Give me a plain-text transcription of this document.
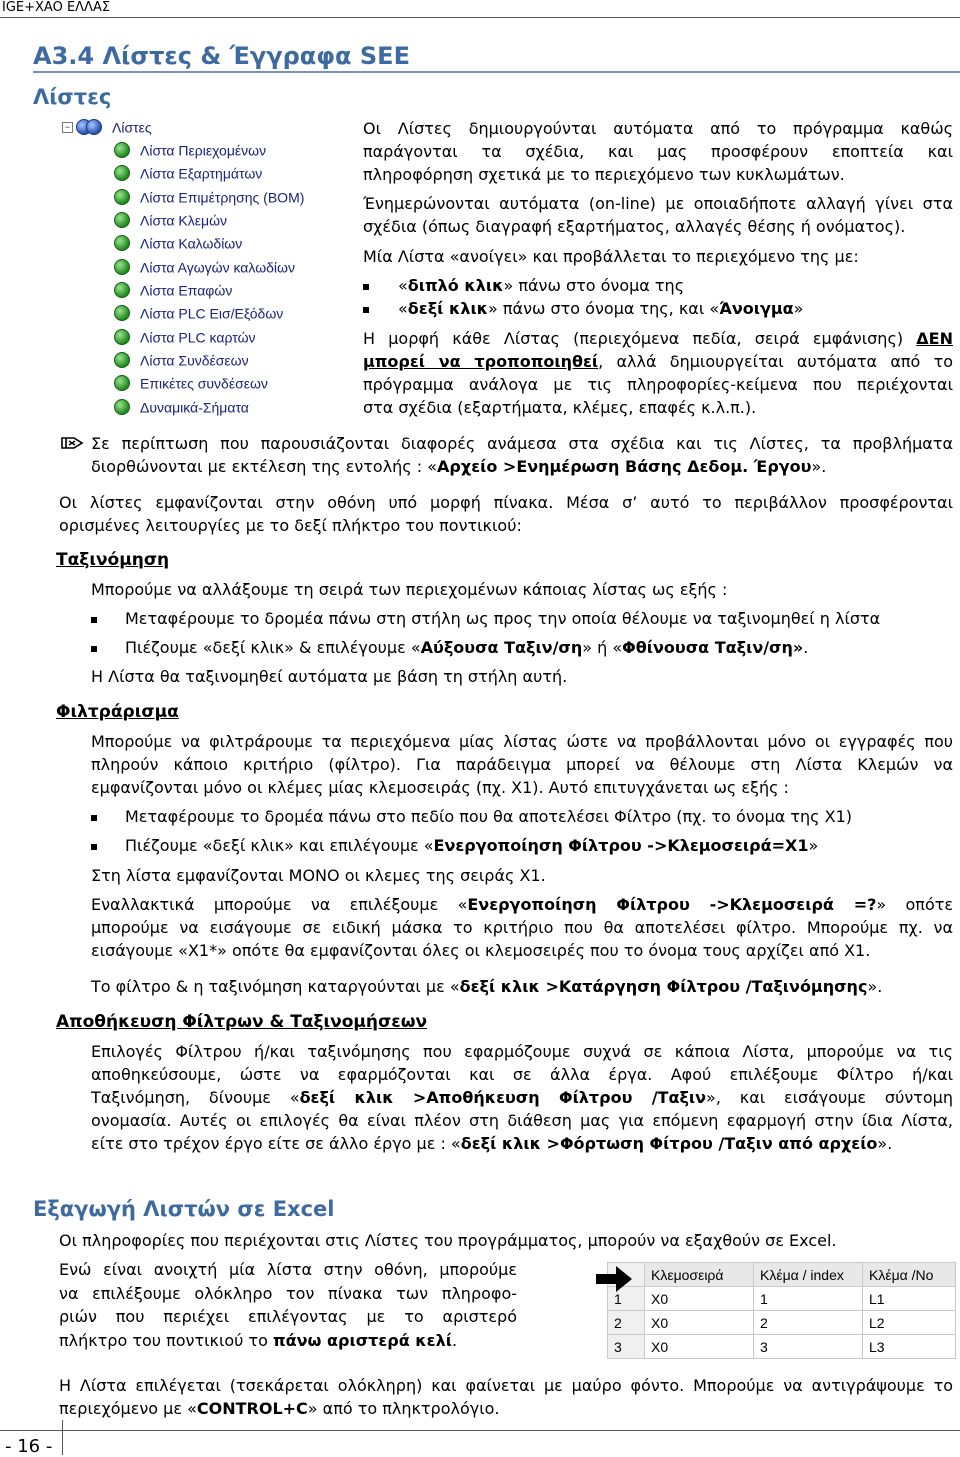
IGE+XAO ΕΛΛΑΣ
Α3.4 Λίστες & Έγγραφα SEE
Λίστες
−	Λίστες
Λίστα Περιεχομένων
Λίστα Εξαρτημάτων
Λίστα Επιμέτρησης (BOM)
Λίστα Κλεμών
Λίστα Καλωδίων
Λίστα Αγωγών καλωδίων
Λίστα Επαφών
Λίστα PLC Εισ/Εξόδων
Λίστα PLC καρτών
Λίστα Συνδέσεων
Επικέτες συνδέσεων
Δυναμικά-Σήματα
Οι Λίστες δημιουργούνται αυτόματα από το πρόγραμμα καθώς
παράγονται τα σχέδια, και μας προσφέρουν εποπτεία και
πληροφόρηση σχετικά με το περιεχόμενο των κυκλωμάτων.
Ένημερώνονται αυτόματα (on-line) με οποιαδήποτε αλλαγή γίνει στα
σχέδια (όπως διαγραφή εξαρτήματος, αλλαγές θέσης ή ονόματος).
Μία Λίστα «ανοίγει» και προβάλλεται το περιεχόμενο της με:
«διπλό κλικ» πάνω στο όνομα της
«δεξί κλικ» πάνω στο όνομα της, και «Άνοιγμα»
Η μορφή κάθε Λίστας (περιεχόμενα πεδία, σειρά εμφάνισης) ΔΕΝ
μπορεί να τροποποιηθεί, αλλά δημιουργείται αυτόματα από το
πρόγραμμα ανάλογα με τις πληροφορίες-κείμενα που περιέχονται
στα σχέδια (εξαρτήματα, κλέμες, επαφές κ.λ.π.).
Σε περίπτωση που παρουσιάζονται διαφορές ανάμεσα στα σχέδια και τις Λίστες, τα προβλήματα
διορθώνονται με εκτέλεση της εντολής : «Αρχείο >Ενημέρωση Βάσης Δεδομ. Έργου».
Οι λίστες εμφανίζονται στην οθόνη υπό μορφή πίνακα. Μέσα σ’ αυτό το περιβάλλον προσφέρονται
ορισμένες λειτουργίες με το δεξί πλήκτρο του ποντικιού:
Ταξινόμηση
Μπορούμε να αλλάξουμε τη σειρά των περιεχομένων κάποιας λίστας ως εξής :
Μεταφέρουμε το δρομέα πάνω στη στήλη ως προς την οποία θέλουμε να ταξινομηθεί η λίστα
Πιέζουμε «δεξί κλικ» & επιλέγουμε «Αύξουσα Ταξιν/ση» ή «Φθίνουσα Ταξιν/ση».
Η Λίστα θα ταξινομηθεί αυτόματα με βάση τη στήλη αυτή.
Φιλτράρισμα
Μπορούμε να φιλτράρουμε τα περιεχόμενα μίας λίστας ώστε να προβάλλονται μόνο οι εγγραφές που
πληρούν κάποιο κριτήριο (φίλτρο). Για παράδειγμα μπορεί να θέλουμε στη Λίστα Κλεμών να
εμφανίζονται μόνο οι κλέμες μίας κλεμοσειράς (πχ. X1). Αυτό επιτυγχάνεται ως εξής :
Μεταφέρουμε το δρομέα πάνω στο πεδίο που θα αποτελέσει Φίλτρο (πχ. το όνομα της X1)
Πιέζουμε «δεξί κλικ» και επιλέγουμε «Ενεργοποίηση Φίλτρου ->Κλεμοσειρά=X1»
Στη λίστα εμφανίζονται ΜΟΝΟ οι κλεμες της σειράς X1.
Εναλλακτικά μπορούμε να επιλέξουμε «Ενεργοποίηση Φίλτρου ->Κλεμοσειρά =?» οπότε
μπορούμε να εισάγουμε σε ειδική μάσκα το κριτήριο που θα αποτελέσει φίλτρο. Μπορούμε πχ. να
εισάγουμε «X1*» οπότε θα εμφανίζονται όλες οι κλεμοσειρές που το όνομα τους αρχίζει από X1.
Το φίλτρο & η ταξινόμηση καταργούνται με «δεξί κλικ >Κατάργηση Φίλτρου /Ταξινόμησης».
Αποθήκευση Φίλτρων & Ταξινομήσεων
Επιλογές Φίλτρου ή/και ταξινόμησης που εφαρμόζουμε συχνά σε κάποια Λίστα, μπορούμε να τις
αποθηκεύσουμε, ώστε να εφαρμόζονται και σε άλλα έργα. Αφού επιλέξουμε Φίλτρο ή/και
Ταξινόμηση, δίνουμε «δεξί κλικ >Αποθήκευση Φίλτρου /Ταξιν», και εισάγουμε σύντομη
ονομασία. Αυτές οι επιλογές θα είναι πλέον στη διάθεση μας για επόμενη εφαρμογή στην ίδια Λίστα,
είτε στο τρέχον έργο είτε σε άλλο έργο με : «δεξί κλικ >Φόρτωση Φίτρου /Ταξιν από αρχείο».
Εξαγωγή Λιστών σε Excel
Οι πληροφορίες που περιέχονται στις Λίστες του προγράμματος, μπορούν να εξαχθούν σε Excel.
Ενώ είναι ανοιχτή μία λίστα στην οθόνη, μπορούμε
να επιλέξουμε ολόκληρο τον πίνακα των πληροφο-
ριών που περιέχει επιλέγοντας με το αριστερό
πλήκτρο του ποντικιού το πάνω αριστερά κελί.
	Κλεμοσειρά	Κλέμα / index	Κλέμα /No
1	X0	1	L1
2	X0	2	L2
3	X0	3	L3
Η Λίστα επιλέγεται (τσεκάρεται ολόκληρη) και φαίνεται με μαύρο φόντο. Μπορούμε να αντιγράψουμε το
περιεχόμενο με «CONTROL+C» από το πληκτρολόγιο.
- 16 -
